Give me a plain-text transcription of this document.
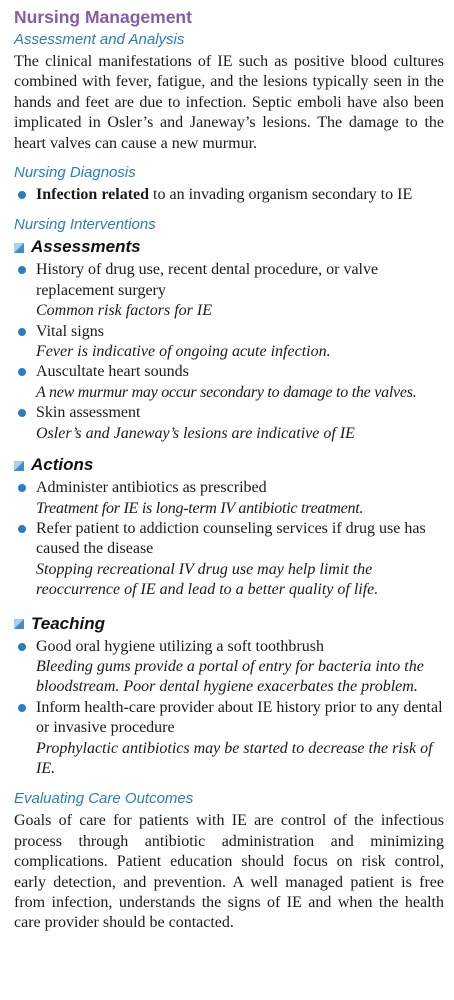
Nursing Management
Assessment and Analysis

The clinical manifestations of IE such as positive blood cultures combined with fever, fatigue, and the lesions typically seen in the hands and feet are due to infection. Septic emboli have also been implicated in Osler’s and Janeway’s lesions. The damage to the heart valves can cause a new murmur.

Nursing Diagnosis
Infection related to an invading organism secondary to IE
Nursing Interventions
Assessments
History of drug use, recent dental procedure, or valve replacement surgery
Common risk factors for IE
Vital signs
Fever is indicative of ongoing acute infection.
Auscultate heart sounds
A new murmur may occur secondary to damage to the valves.
Skin assessment
Osler’s and Janeway’s lesions are indicative of IE
Actions
Administer antibiotics as prescribed
Treatment for IE is long-term IV antibiotic treatment.
Refer patient to addiction counseling services if drug use has caused the disease
Stopping recreational IV drug use may help limit the reoccurrence of IE and lead to a better quality of life.
Teaching
Good oral hygiene utilizing a soft toothbrush
Bleeding gums provide a portal of entry for bacteria into the bloodstream. Poor dental hygiene exacerbates the problem.
Inform health-care provider about IE history prior to any dental or invasive procedure
Prophylactic antibiotics may be started to decrease the risk of IE.
Evaluating Care Outcomes

Goals of care for patients with IE are control of the infectious process through antibiotic administration and minimizing complications. Patient education should focus on risk control, early detection, and prevention. A well managed patient is free from infection, understands the signs of IE and when the health care provider should be contacted.
